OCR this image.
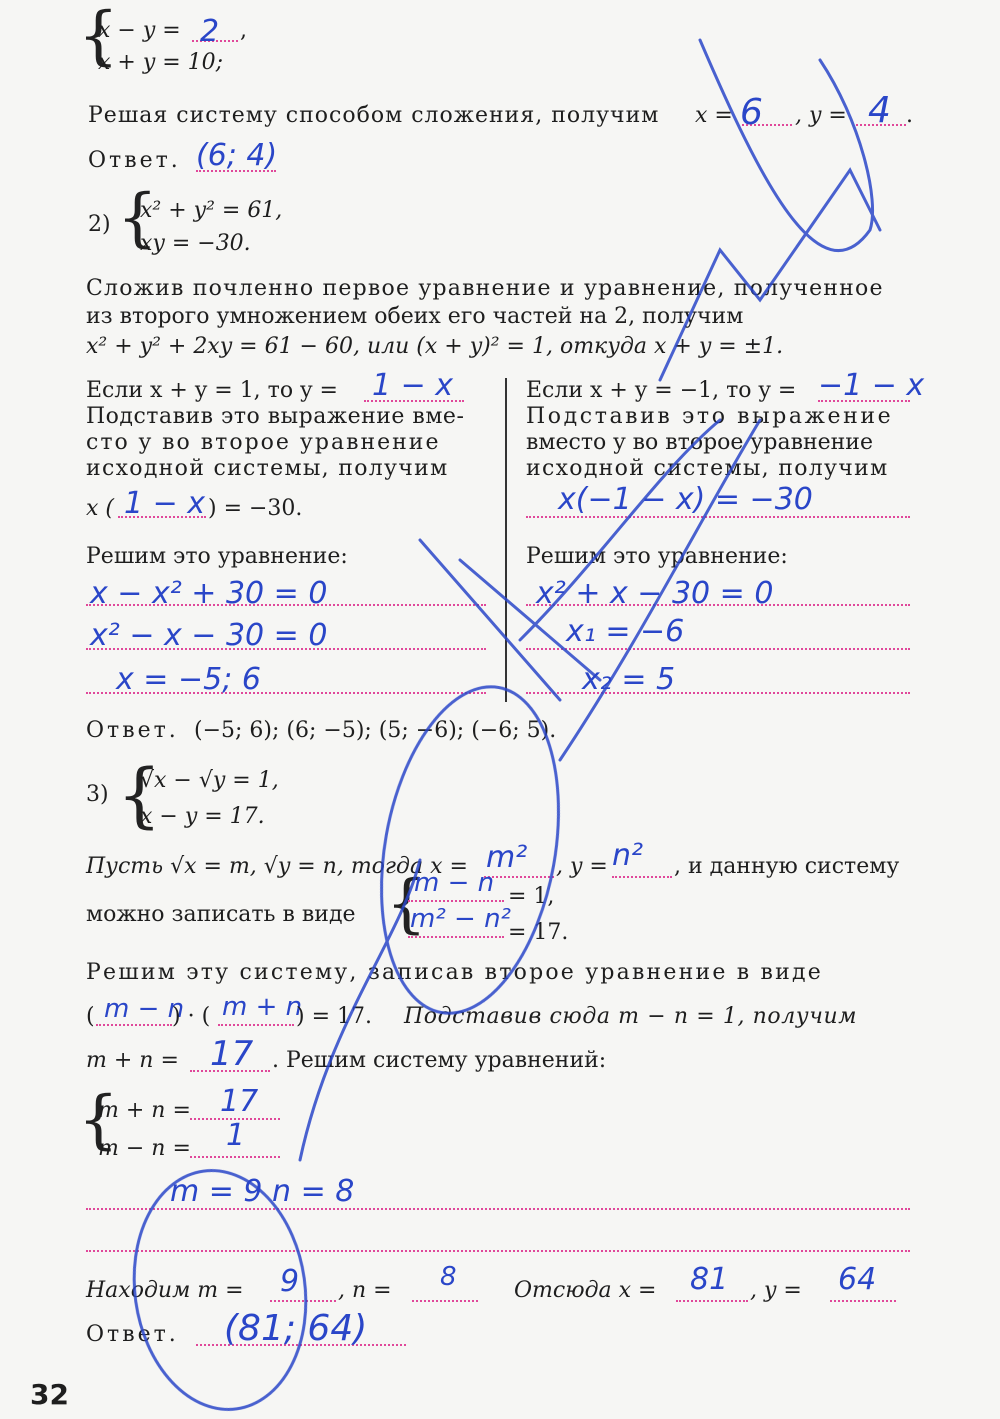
{
x − y =	,
x + y = 10;
2
Решая систему способом сложения, получим x =	, y =	.
6	4
Ответ. (6; 4)
2) {
x² + y² = 61,
xy = −30.
Сложив почленно первое уравнение и уравнение, полученное
из второго умножением обеих его частей на 2, получим
x² + y² + 2xy = 61 − 60, или (x + y)² = 1, откуда x + y = ±1.
Если x + y = 1, то y = 1 − x
Подставив это выражение вме-
сто y во второе уравнение
исходной системы, получим
x ( 1 − x ) = −30.
Решим это уравнение:
x − x² + 30 = 0
x² − x − 30 = 0
x = −5; 6
Если x + y = −1, то y = −1 − x
Подставив это выражение
вместо y во второе уравнение
исходной системы, получим
x(−1 − x) = −30
Решим это уравнение:
x² + x − 30 = 0
x₁ = −6
x₂ = 5
Ответ. (−5; 6); (6; −5); (5; −6); (−6; 5).
3) {
√x − √y = 1,
x − y = 17.
Пусть √x = m, √y = n, тогда x = m² , y = n² , и данную систему
можно записать в виде {
m − n = 1,
m² − n²
= 17.
Решим эту систему, записав второе уравнение в виде
( m − n
) · ( m + n
) = 17. Подставив сюда m − n = 1, получим
m + n = 17 . Решим систему уравнений:
{
m + n = 17
m − n = 1
m = 9 n = 8
Находим m = 9 , n = 8	Отсюда x = 81 , y = 64
Ответ. (81; 64)
32
